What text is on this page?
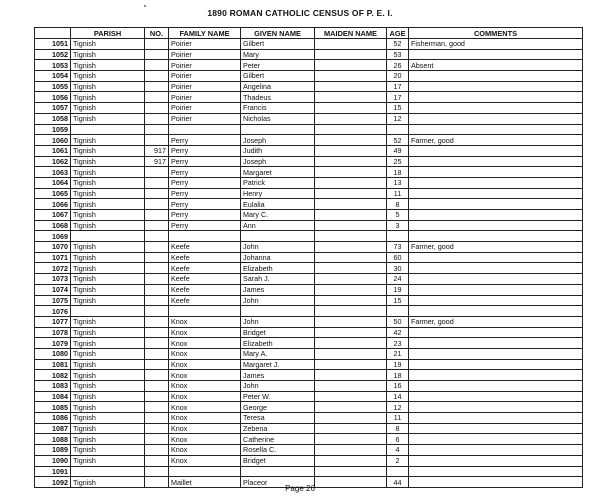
1890 ROMAN CATHOLIC CENSUS OF P. E. I.
	PARISH	NO.	FAMILY NAME	GIVEN NAME	MAIDEN NAME	AGE	COMMENTS
1051	Tignish		Poirier	Gilbert		52	Fisherman, good
1052	Tignish		Poirier	Mary		53	
1053	Tignish		Poirier	Peter		26	Absent
1054	Tignish		Poirier	Gilbert		20	
1055	Tignish		Poirier	Angelina		17	
1056	Tignish		Poirier	Thadeus		17	
1057	Tignish		Poirier	Francis		15	
1058	Tignish		Poirier	Nicholas		12	
1059							
1060	Tignish		Perry	Joseph		52	Farmer, good
1061	Tignish	917	Perry	Judith		49	
1062	Tignish	917	Perry	Joseph		25	
1063	Tignish		Perry	Margaret		18	
1064	Tignish		Perry	Patrick		13	
1065	Tignish		Perry	Henry		11	
1066	Tignish		Perry	Eulalia		8	
1067	Tignish		Perry	Mary C.		5	
1068	Tignish		Perry	Ann		3	
1069							
1070	Tignish		Keefe	John		73	Farmer, good
1071	Tignish		Keefe	Johanna		60	
1072	Tignish		Keefe	Elizabeth		30	
1073	Tignish		Keefe	Sarah J.		24	
1074	Tignish		Keefe	James		19	
1075	Tignish		Keefe	John		15	
1076							
1077	Tignish		Knox	John		50	Farmer, good
1078	Tignish		Knox	Bridget		42	
1079	Tignish		Knox	Elizabeth		23	
1080	Tignish		Knox	Mary A.		21	
1081	Tignish		Knox	Margaret J.		19	
1082	Tignish		Knox	James		18	
1083	Tignish		Knox	John		16	
1084	Tignish		Knox	Peter W.		14	
1085	Tignish		Knox	George		12	
1086	Tignish		Knox	Teresa		11	
1087	Tignish		Knox	Zebena		8	
1088	Tignish		Knox	Catherine		6	
1089	Tignish		Knox	Rosella C.		4	
1090	Tignish		Knox	Bridget		2	
1091							
1092	Tignish		Maillet	Placeor		44	
Page 26
